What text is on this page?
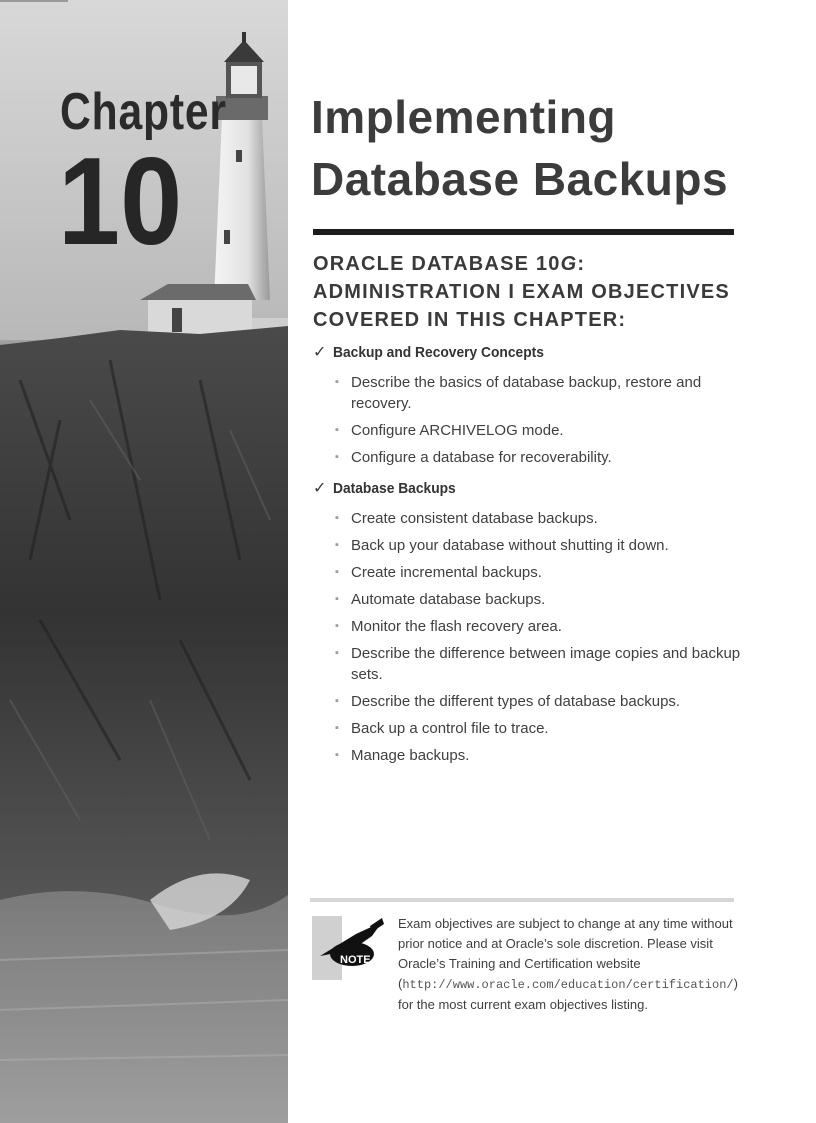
Chapter
10
Implementing
Database Backups
ORACLE DATABASE 10G:
ADMINISTRATION I EXAM OBJECTIVES
COVERED IN THIS CHAPTER:
✓ Backup and Recovery Concepts
▪ Describe the basics of database backup, restore and recovery.
▪ Configure ARCHIVELOG mode.
▪ Configure a database for recoverability.
✓ Database Backups
▪ Create consistent database backups.
▪ Back up your database without shutting it down.
▪ Create incremental backups.
▪ Automate database backups.
▪ Monitor the flash recovery area.
▪ Describe the difference between image copies and backup sets.
▪ Describe the different types of database backups.
▪ Back up a control file to trace.
▪ Manage backups.
NOTE

Exam objectives are subject to change at any time without prior notice and at Oracle’s sole discretion. Please visit Oracle’s Training and Certification website (http://www.oracle.com/education/certification/) for the most current exam objectives listing.
